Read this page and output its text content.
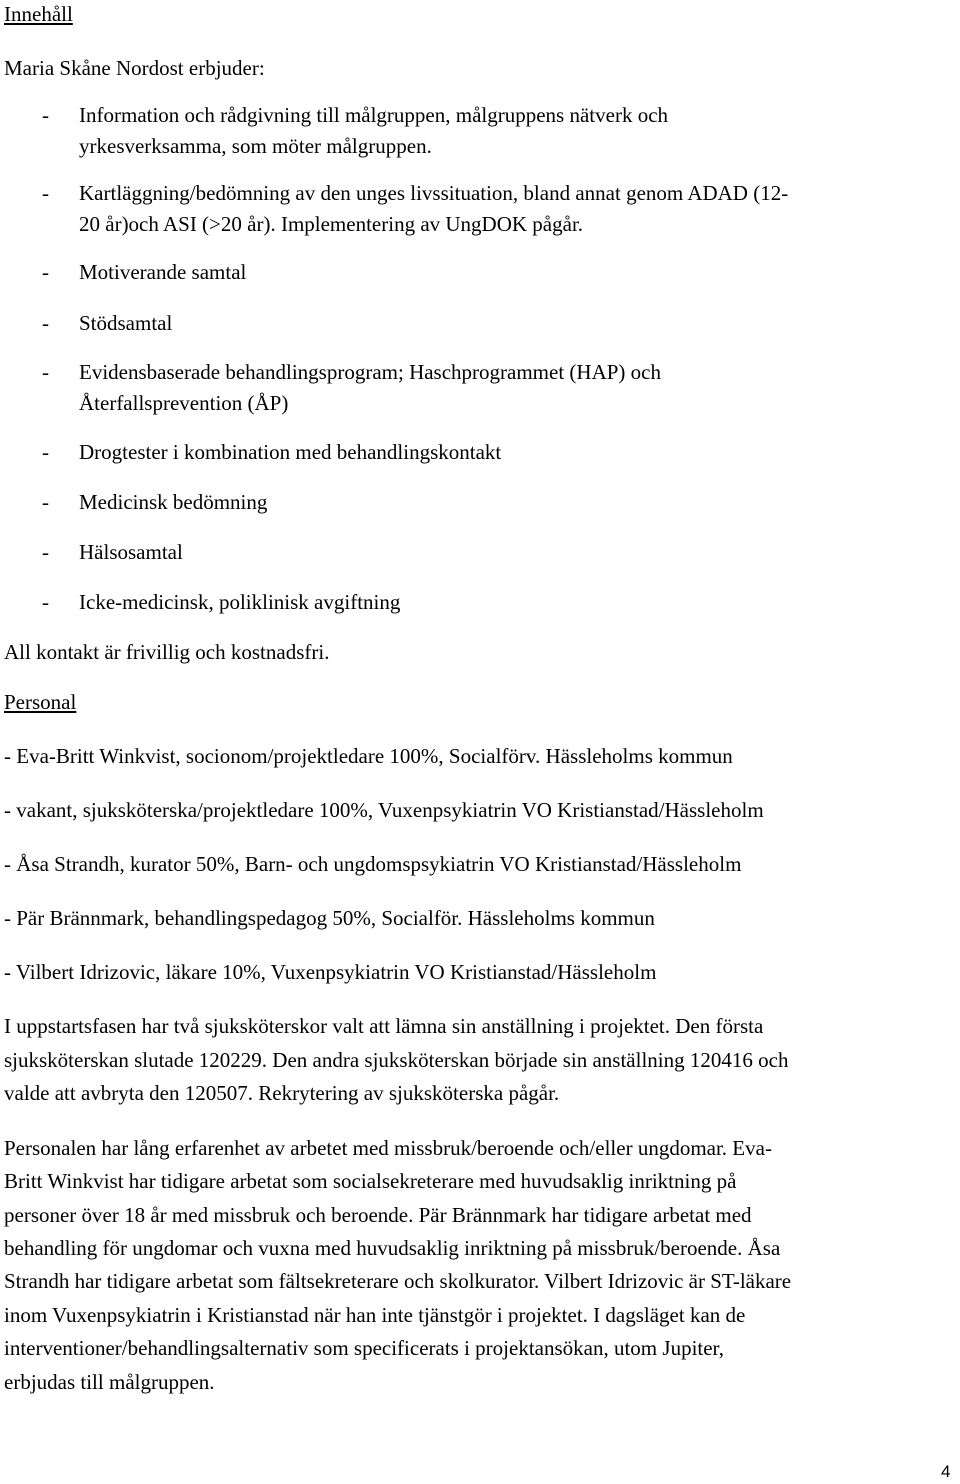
Innehåll
Maria Skåne Nordost erbjuder:
- Information och rådgivning till målgruppen, målgruppens nätverk och
yrkesverksamma, som möter målgruppen.
- Kartläggning/bedömning av den unges livssituation, bland annat genom ADAD (12-
20 år)och ASI (>20 år). Implementering av UngDOK pågår.
- Motiverande samtal
- Stödsamtal
- Evidensbaserade behandlingsprogram; Haschprogrammet (HAP) och
Återfallsprevention (ÅP)
- Drogtester i kombination med behandlingskontakt
- Medicinsk bedömning
- Hälsosamtal
- Icke-medicinsk, poliklinisk avgiftning
All kontakt är frivillig och kostnadsfri.
Personal
- Eva-Britt Winkvist, socionom/projektledare 100%, Socialförv. Hässleholms kommun
- vakant, sjuksköterska/projektledare 100%, Vuxenpsykiatrin VO Kristianstad/Hässleholm
- Åsa Strandh, kurator 50%, Barn- och ungdomspsykiatrin VO Kristianstad/Hässleholm
- Pär Brännmark, behandlingspedagog 50%, Socialför. Hässleholms kommun
- Vilbert Idrizovic, läkare 10%, Vuxenpsykiatrin VO Kristianstad/Hässleholm
I uppstartsfasen har två sjuksköterskor valt att lämna sin anställning i projektet. Den första
sjuksköterskan slutade 120229. Den andra sjuksköterskan började sin anställning 120416 och
valde att avbryta den 120507. Rekrytering av sjuksköterska pågår.
Personalen har lång erfarenhet av arbetet med missbruk/beroende och/eller ungdomar. Eva-
Britt Winkvist har tidigare arbetat som socialsekreterare med huvudsaklig inriktning på
personer över 18 år med missbruk och beroende. Pär Brännmark har tidigare arbetat med
behandling för ungdomar och vuxna med huvudsaklig inriktning på missbruk/beroende. Åsa
Strandh har tidigare arbetat som fältsekreterare och skolkurator. Vilbert Idrizovic är ST-läkare
inom Vuxenpsykiatrin i Kristianstad när han inte tjänstgör i projektet. I dagsläget kan de
interventioner/behandlingsalternativ som specificerats i projektansökan, utom Jupiter,
erbjudas till målgruppen.
4
